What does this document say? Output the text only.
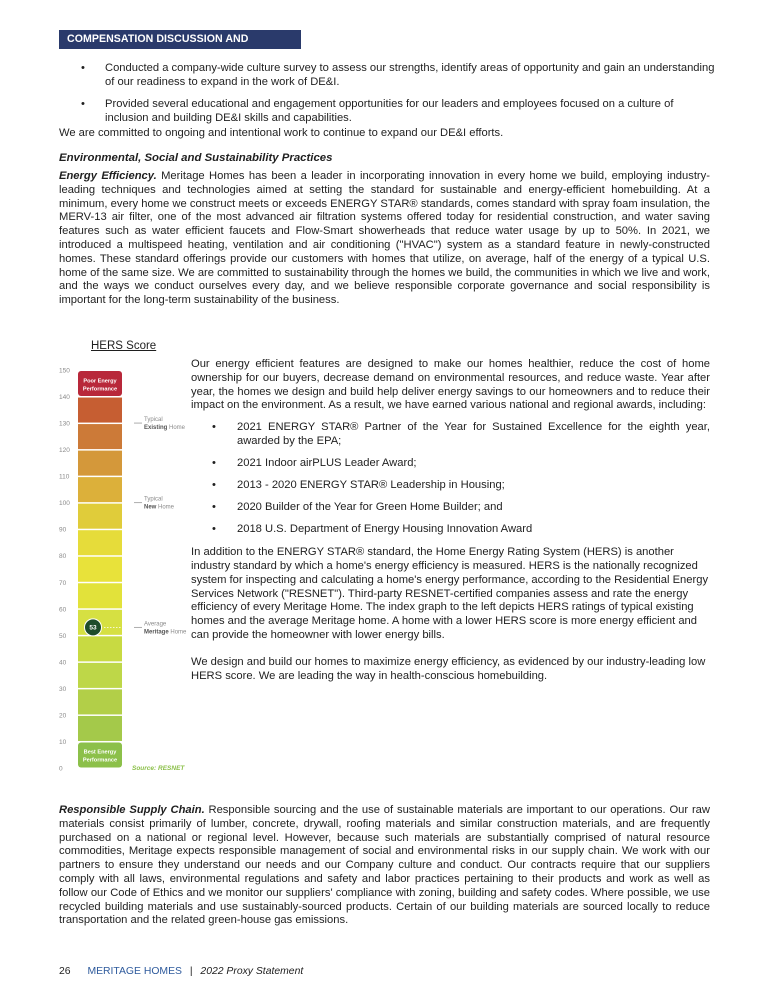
COMPENSATION DISCUSSION AND ANALYSIS
• Conducted a company-wide culture survey to assess our strengths, identify areas of opportunity and gain an understanding of our readiness to expand in the work of DE&I.
• Provided several educational and engagement opportunities for our leaders and employees focused on a culture of inclusion and building DE&I skills and capabilities.

We are committed to ongoing and intentional work to continue to expand our DE&I efforts.

Environmental, Social and Sustainability Practices

Energy Efficiency. Meritage Homes has been a leader in incorporating innovation in every home we build, employing industry-leading techniques and technologies aimed at setting the standard for sustainable and energy-efficient homebuilding. At a minimum, every home we construct meets or exceeds ENERGY STAR® standards, comes standard with spray foam insulation, the MERV-13 air filter, one of the most advanced air filtration systems offered today for residential construction, and water saving features such as water efficient faucets and Flow-Smart showerheads that reduce water usage by up to 50%. In 2021, we introduced a multispeed heating, ventilation and air conditioning ("HVAC") system as a standard feature in newly-constructed homes. These standard offerings provide our customers with homes that utilize, on average, half of the energy of a typical U.S. home of the same size. We are committed to sustainability through the homes we build, the communities in which we live and work, and the ways we conduct ourselves every day, and we believe responsible corporate governance and social responsibility is important for the long-term sustainability of the business.

HERS Score
0
10
20
30
40
50
60
70
80
90
100
110
120
130
140
150
Poor Energy
Performance
Best Energy
Performance
Typical
Existing Home
Typical
New Home
Average
Meritage Home
53
Source: RESNET

Our energy efficient features are designed to make our homes healthier, reduce the cost of home ownership for our buyers, decrease demand on environmental resources, and reduce waste. Year after year, the homes we design and build help deliver energy savings to our homeowners and to reduce their impact on the environment. As a result, we have earned various national and regional awards, including:

• 2021 ENERGY STAR® Partner of the Year for Sustained Excellence for the eighth year, awarded by the EPA;
• 2021 Indoor airPLUS Leader Award;
• 2013 - 2020 ENERGY STAR® Leadership in Housing;
• 2020 Builder of the Year for Green Home Builder; and
• 2018 U.S. Department of Energy Housing Innovation Award

In addition to the ENERGY STAR® standard, the Home Energy Rating System (HERS) is another industry standard by which a home's energy efficiency is measured. HERS is the nationally recognized system for inspecting and calculating a home's energy performance, according to the Residential Energy Services Network ("RESNET"). Third-party RESNET-certified companies assess and rate the energy efficiency of every Meritage Home. The index graph to the left depicts HERS ratings of typical existing homes and the average Meritage home. A home with a lower HERS score is more energy efficient and can provide the homeowner with lower energy bills.

We design and build our homes to maximize energy efficiency, as evidenced by our industry-leading low HERS score. We are leading the way in health-conscious homebuilding.

Responsible Supply Chain. Responsible sourcing and the use of sustainable materials are important to our operations. Our raw materials consist primarily of lumber, concrete, drywall, roofing materials and similar construction materials, and are frequently purchased on a national or regional level. However, because such materials are substantially comprised of natural resource commodities, Meritage expects responsible management of social and environmental risks in our supply chain. We work with our partners to ensure they understand our needs and our Company culture and conduct. Our contracts require that our suppliers comply with all laws, environmental regulations and safety and labor practices pertaining to their products and work as well as follow our Code of Ethics and we monitor our suppliers' compliance with zoning, building and safety codes. Where possible, we use recycled building materials and use sustainably-sourced products. Certain of our building materials are sourced locally to reduce transportation and the related green-house gas emissions.

26 MERITAGE HOMES | 2022 Proxy Statement
